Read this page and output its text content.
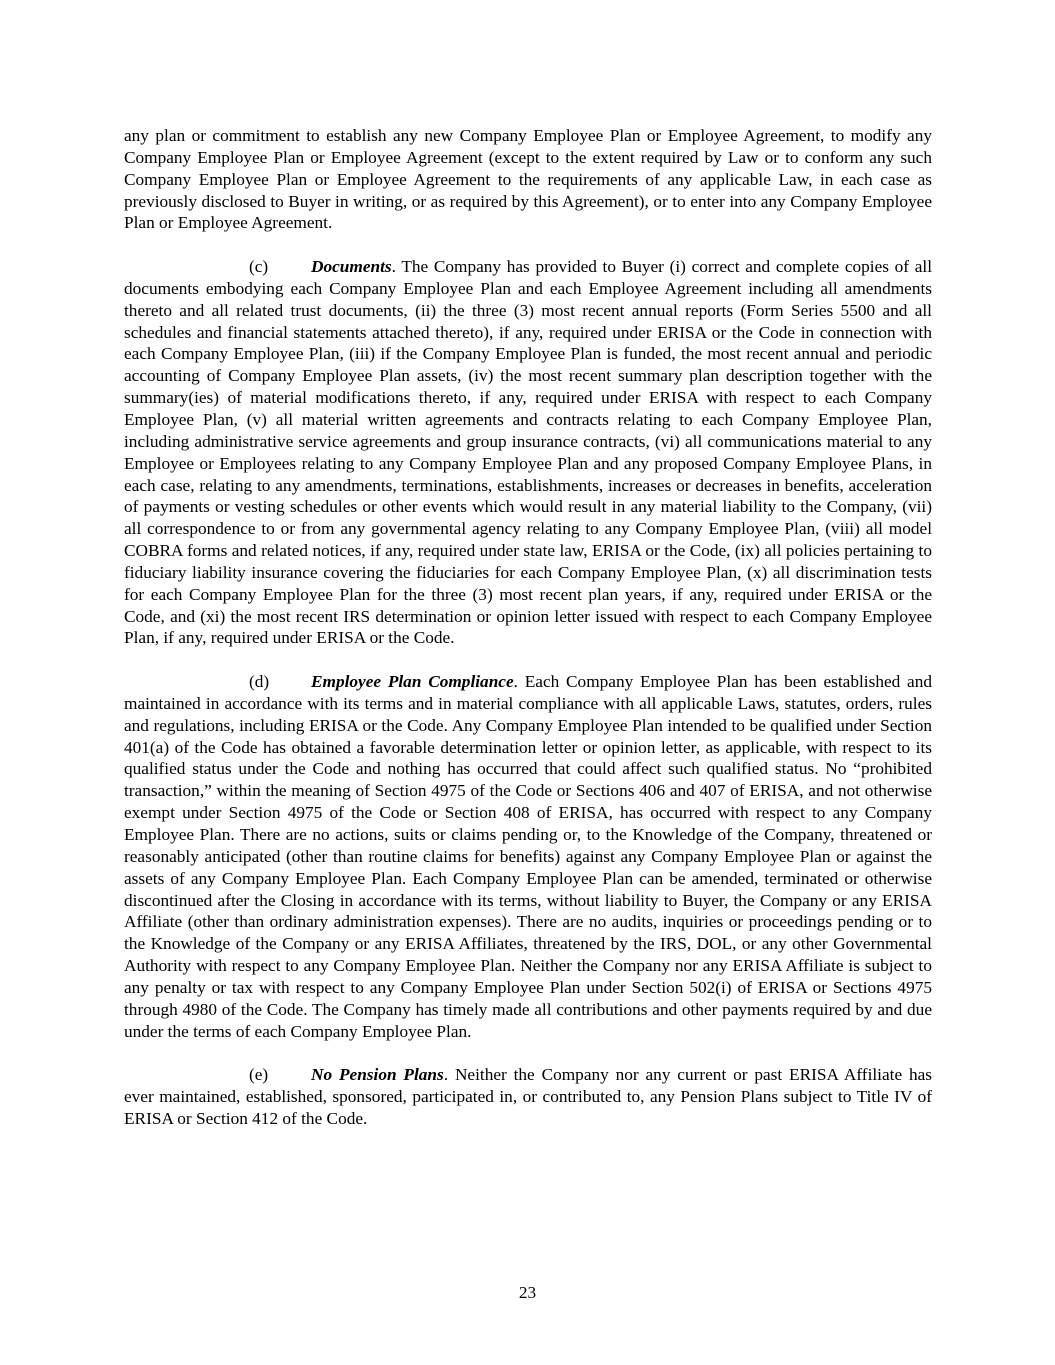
any plan or commitment to establish any new Company Employee Plan or Employee Agreement, to modify any Company Employee Plan or Employee Agreement (except to the extent required by Law or to conform any such Company Employee Plan or Employee Agreement to the requirements of any applicable Law, in each case as previously disclosed to Buyer in writing, or as required by this Agreement), or to enter into any Company Employee Plan or Employee Agreement.

(c) Documents. The Company has provided to Buyer (i) correct and complete copies of all documents embodying each Company Employee Plan and each Employee Agreement including all amendments thereto and all related trust documents, (ii) the three (3) most recent annual reports (Form Series 5500 and all schedules and financial statements attached thereto), if any, required under ERISA or the Code in connection with each Company Employee Plan, (iii) if the Company Employee Plan is funded, the most recent annual and periodic accounting of Company Employee Plan assets, (iv) the most recent summary plan description together with the summary(ies) of material modifications thereto, if any, required under ERISA with respect to each Company Employee Plan, (v) all material written agreements and contracts relating to each Company Employee Plan, including administrative service agreements and group insurance contracts, (vi) all communications material to any Employee or Employees relating to any Company Employee Plan and any proposed Company Employee Plans, in each case, relating to any amendments, terminations, establishments, increases or decreases in benefits, acceleration of payments or vesting schedules or other events which would result in any material liability to the Company, (vii) all correspondence to or from any governmental agency relating to any Company Employee Plan, (viii) all model COBRA forms and related notices, if any, required under state law, ERISA or the Code, (ix) all policies pertaining to fiduciary liability insurance covering the fiduciaries for each Company Employee Plan, (x) all discrimination tests for each Company Employee Plan for the three (3) most recent plan years, if any, required under ERISA or the Code, and (xi) the most recent IRS determination or opinion letter issued with respect to each Company Employee Plan, if any, required under ERISA or the Code.

(d) Employee Plan Compliance. Each Company Employee Plan has been established and maintained in accordance with its terms and in material compliance with all applicable Laws, statutes, orders, rules and regulations, including ERISA or the Code. Any Company Employee Plan intended to be qualified under Section 401(a) of the Code has obtained a favorable determination letter or opinion letter, as applicable, with respect to its qualified status under the Code and nothing has occurred that could affect such qualified status. No “prohibited transaction,” within the meaning of Section 4975 of the Code or Sections 406 and 407 of ERISA, and not otherwise exempt under Section 4975 of the Code or Section 408 of ERISA, has occurred with respect to any Company Employee Plan. There are no actions, suits or claims pending or, to the Knowledge of the Company, threatened or reasonably anticipated (other than routine claims for benefits) against any Company Employee Plan or against the assets of any Company Employee Plan. Each Company Employee Plan can be amended, terminated or otherwise discontinued after the Closing in accordance with its terms, without liability to Buyer, the Company or any ERISA Affiliate (other than ordinary administration expenses). There are no audits, inquiries or proceedings pending or to the Knowledge of the Company or any ERISA Affiliates, threatened by the IRS, DOL, or any other Governmental Authority with respect to any Company Employee Plan. Neither the Company nor any ERISA Affiliate is subject to any penalty or tax with respect to any Company Employee Plan under Section 502(i) of ERISA or Sections 4975 through 4980 of the Code. The Company has timely made all contributions and other payments required by and due under the terms of each Company Employee Plan.

(e) No Pension Plans. Neither the Company nor any current or past ERISA Affiliate has ever maintained, established, sponsored, participated in, or contributed to, any Pension Plans subject to Title IV of ERISA or Section 412 of the Code.

23
